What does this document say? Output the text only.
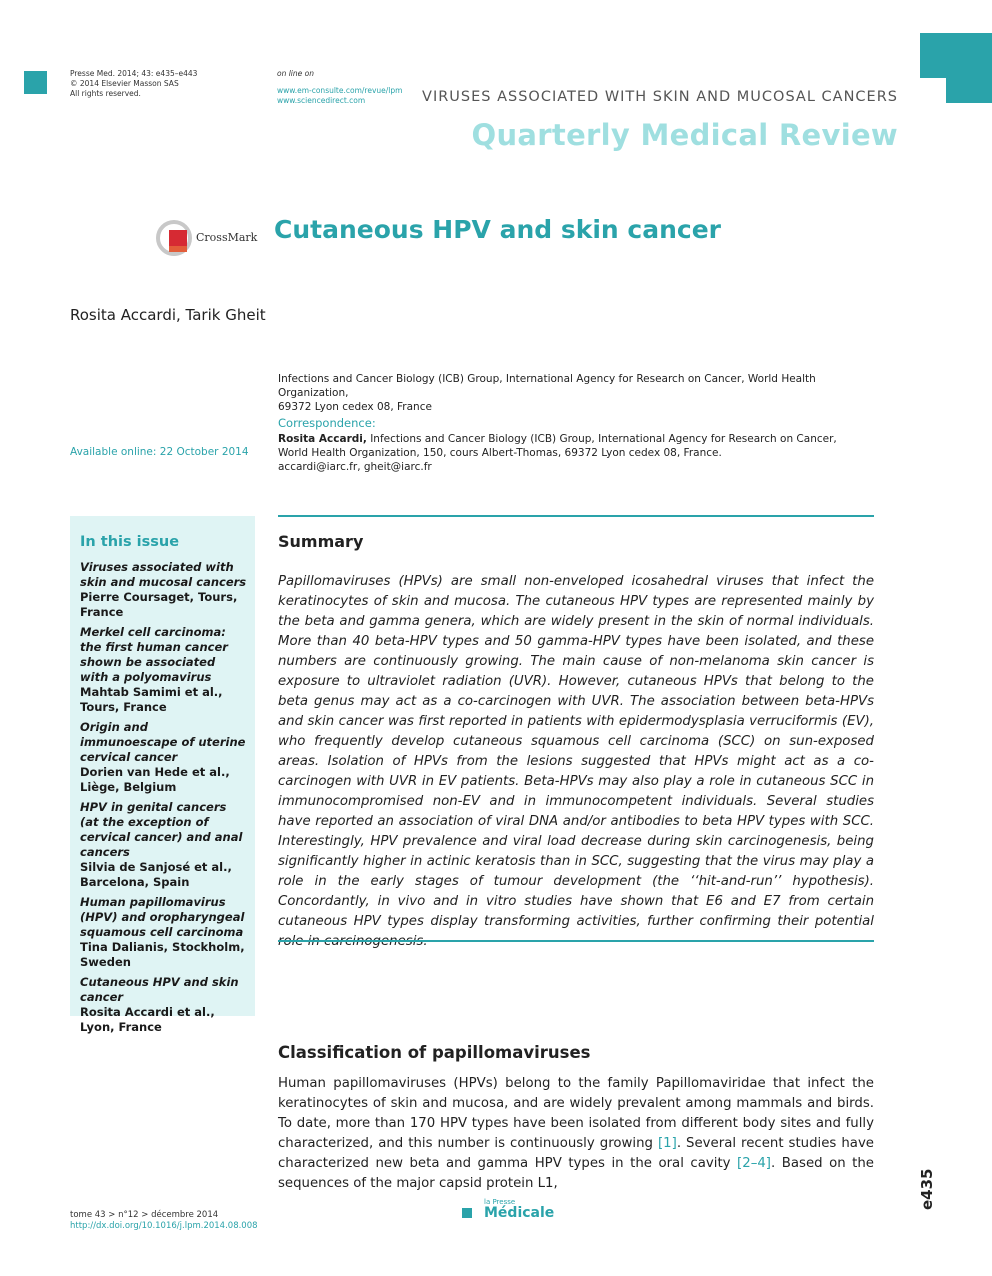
Presse Med. 2014; 43: e435–e443
© 2014 Elsevier Masson SAS
All rights reserved.
on line on
www.em-consulte.com/revue/lpm
www.sciencedirect.com	VIRUSES ASSOCIATED WITH SKIN AND MUCOSAL CANCERS
Quarterly Medical Review
CrossMark Cutaneous HPV and skin cancer
Rosita Accardi, Tarik Gheit
Infections and Cancer Biology (ICB) Group, International Agency for Research on Cancer, World Health Organization,
69372 Lyon cedex 08, France
Correspondence:
Rosita Accardi, Infections and Cancer Biology (ICB) Group, International Agency for Research on Cancer,
World Health Organization, 150, cours Albert-Thomas, 69372 Lyon cedex 08, France.
accardi@iarc.fr, gheit@iarc.fr
Available online: 22 October 2014
In this issue
Viruses associated with skin and mucosal cancers
Pierre Coursaget, Tours, France
Merkel cell carcinoma: the first human cancer shown be associated with a polyomavirus
Mahtab Samimi et al., Tours, France
Origin and immunoescape of uterine cervical cancer
Dorien van Hede et al., Liège, Belgium
HPV in genital cancers (at the exception of cervical cancer) and anal cancers
Silvia de Sanjosé et al., Barcelona, Spain
Human papillomavirus (HPV) and oropharyngeal squamous cell carcinoma
Tina Dalianis, Stockholm, Sweden
Cutaneous HPV and skin cancer
Rosita Accardi et al., Lyon, France
Summary
Papillomaviruses (HPVs) are small non-enveloped icosahedral viruses that infect the keratinocytes of skin and mucosa. The cutaneous HPV types are represented mainly by the beta and gamma genera, which are widely present in the skin of normal individuals. More than 40 beta-HPV types and 50 gamma-HPV types have been isolated, and these numbers are continuously growing. The main cause of non-melanoma skin cancer is exposure to ultraviolet radiation (UVR). However, cutaneous HPVs that belong to the beta genus may act as a co-carcinogen with UVR. The association between beta-HPVs and skin cancer was first reported in patients with epidermodysplasia verruciformis (EV), who frequently develop cutaneous squamous cell carcinoma (SCC) on sun-exposed areas. Isolation of HPVs from the lesions suggested that HPVs might act as a co-carcinogen with UVR in EV patients. Beta-HPVs may also play a role in cutaneous SCC in immunocompromised non-EV and in immunocompetent individuals. Several studies have reported an association of viral DNA and/or antibodies to beta HPV types with SCC. Interestingly, HPV prevalence and viral load decrease during skin carcinogenesis, being significantly higher in actinic keratosis than in SCC, suggesting that the virus may play a role in the early stages of tumour development (the ‘‘hit-and-run’’ hypothesis). Concordantly, in vivo and in vitro studies have shown that E6 and E7 from certain cutaneous HPV types display transforming activities, further confirming their potential
Classification of papillomaviruses
Human papillomaviruses (HPVs) belong to the family Papillomaviridae that infect the keratinocytes of skin and mucosa, and are widely prevalent among mammals and birds. To date, more than 170 HPV types have been isolated from different body sites and fully characterized, and this number is continuously growing [1]. Several recent studies have characterized new beta and gamma HPV types in the oral cavity [2–4]. Based on the sequences of the major capsid protein L1,
tome 43 > n°12 > décembre 2014
http://dx.doi.org/10.1016/j.lpm.2014.08.008
la Presse
Médicale
e435
